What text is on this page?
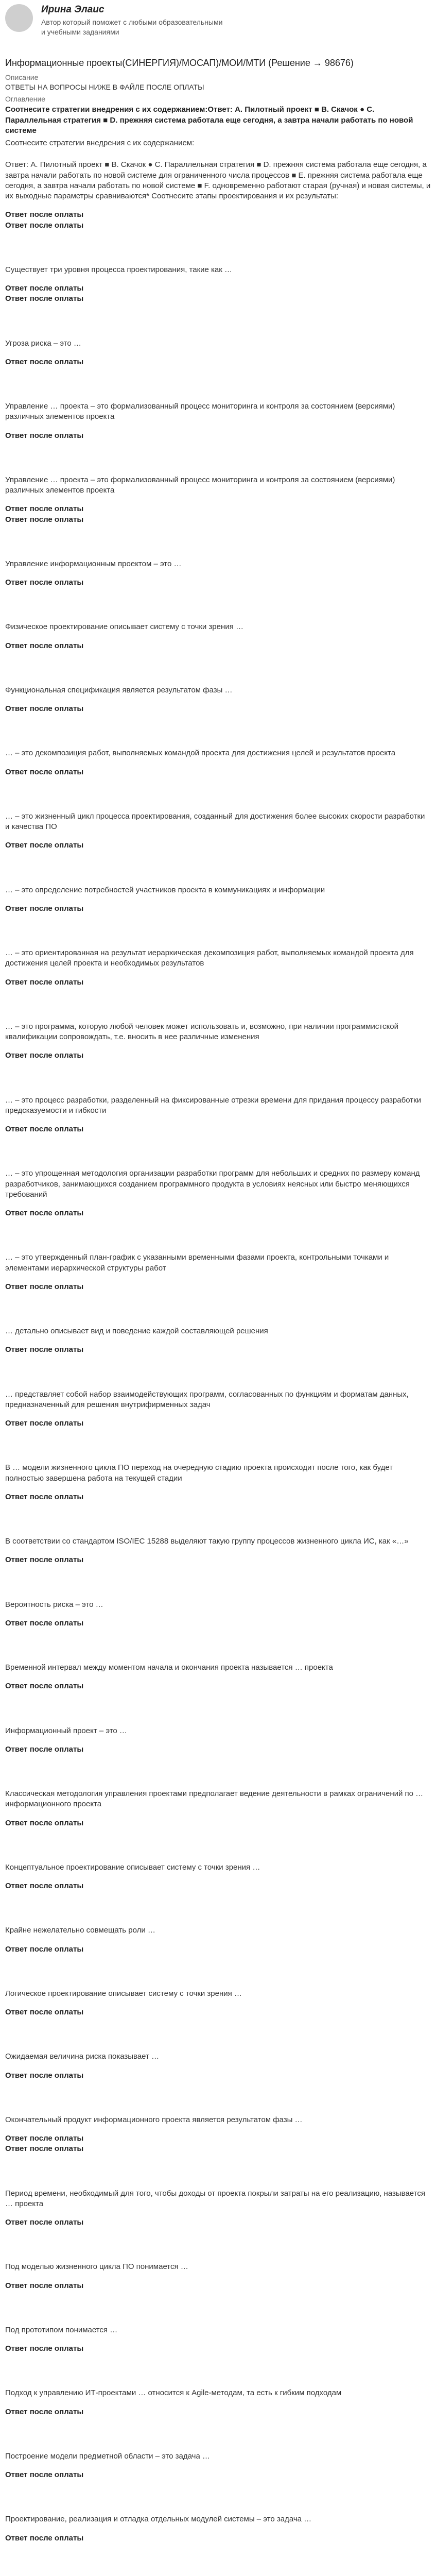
Ирина Элаис
Автор который поможет с любыми образовательными и учебными заданиями
Информационные проекты(СИНЕРГИЯ)/МОСАП)/МОИ/МТИ (Решение → 98676)
Описание
ОТВЕТЫ НА ВОПРОСЫ НИЖЕ В ФАЙЛЕ ПОСЛЕ ОПЛАТЫ
Оглавление
Соотнесите стратегии внедрения с их содержанием:Ответ: A. Пилотный проект ■ B. Скачок ● C. Параллельная стратегия ■ D. прежняя система работала еще сегодня, а завтра начали работать по новой системе
Соотнесите стратегии внедрения с их содержанием:
Ответ: A. Пилотный проект ■ B. Скачок ● C. Параллельная стратегия ■ D. прежняя система работала еще сегодня, а завтра начали работать по новой системе для ограниченного числа процессов ■ E. прежняя система работала еще сегодня, а завтра начали работать по новой системе ■ F. одновременно работают старая (ручная) и новая системы, и их выходные параметры сравниваются* Соотнесите этапы проектирования и их результаты:
Ответ после оплаты
Ответ после оплаты
Существует три уровня процесса проектирования, такие как …
Ответ после оплаты
Ответ после оплаты
Угроза риска – это …
Ответ после оплаты
Управление … проекта – это формализованный процесс мониторинга и контроля за состоянием (версиями) различных элементов проекта
Ответ после оплаты
Управление … проекта – это формализованный процесс мониторинга и контроля за состоянием (версиями) различных элементов проекта
Ответ после оплаты
Ответ после оплаты
Управление информационным проектом – это …
Ответ после оплаты
Физическое проектирование описывает систему с точки зрения …
Ответ после оплаты
Функциональная спецификация является результатом фазы …
Ответ после оплаты
… – это декомпозиция работ, выполняемых командой проекта для достижения целей и результатов проекта
Ответ после оплаты
… – это жизненный цикл процесса проектирования, созданный для достижения более высоких скорости разработки и качества ПО
Ответ после оплаты
… – это определение потребностей участников проекта в коммуникациях и информации
Ответ после оплаты
… – это ориентированная на результат иерархическая декомпозиция работ, выполняемых командой проекта для достижения целей проекта и необходимых результатов
Ответ после оплаты
… – это программа, которую любой человек может использовать и, возможно, при наличии программистской квалификации сопровождать, т.е. вносить в нее различные изменения
Ответ после оплаты
… – это процесс разработки, разделенный на фиксированные отрезки времени для придания процессу разработки предсказуемости и гибкости
Ответ после оплаты
… – это упрощенная методология организации разработки программ для небольших и средних по размеру команд разработчиков, занимающихся созданием программного продукта в условиях неясных или быстро меняющихся требований
Ответ после оплаты
… – это утвержденный план-график с указанными временными фазами проекта, контрольными точками и элементами иерархической структуры работ
Ответ после оплаты
… детально описывает вид и поведение каждой составляющей решения
Ответ после оплаты
… представляет собой набор взаимодействующих программ, согласованных по функциям и форматам данных, предназначенный для решения внутрифирменных задач
Ответ после оплаты
В … модели жизненного цикла ПО переход на очередную стадию проекта происходит после того, как будет полностью завершена работа на текущей стадии
Ответ после оплаты
В соответствии со стандартом ISO/IEC 15288 выделяют такую группу процессов жизненного цикла ИС, как «…»
Ответ после оплаты
Вероятность риска – это …
Ответ после оплаты
Временной интервал между моментом начала и окончания проекта называется … проекта
Ответ после оплаты
Информационный проект – это …
Ответ после оплаты
Классическая методология управления проектами предполагает ведение деятельности в рамках ограничений по … информационного проекта
Ответ после оплаты
Концептуальное проектирование описывает систему с точки зрения …
Ответ после оплаты
Крайне нежелательно совмещать роли …
Ответ после оплаты
Логическое проектирование описывает систему с точки зрения …
Ответ после оплаты
Ожидаемая величина риска показывает …
Ответ после оплаты
Окончательный продукт информационного проекта является результатом фазы …
Ответ после оплаты
Ответ после оплаты
Период времени, необходимый для того, чтобы доходы от проекта покрыли затраты на его реализацию, называется … проекта
Ответ после оплаты
Под моделью жизненного цикла ПО понимается …
Ответ после оплаты
Под прототипом понимается …
Ответ после оплаты
Подход к управлению ИТ-проектами … относится к Agile-методам, та есть к гибким подходам
Ответ после оплаты
Построение модели предметной области – это задача …
Ответ после оплаты
Проектирование, реализация и отладка отдельных модулей системы – это задача …
Ответ после оплаты
